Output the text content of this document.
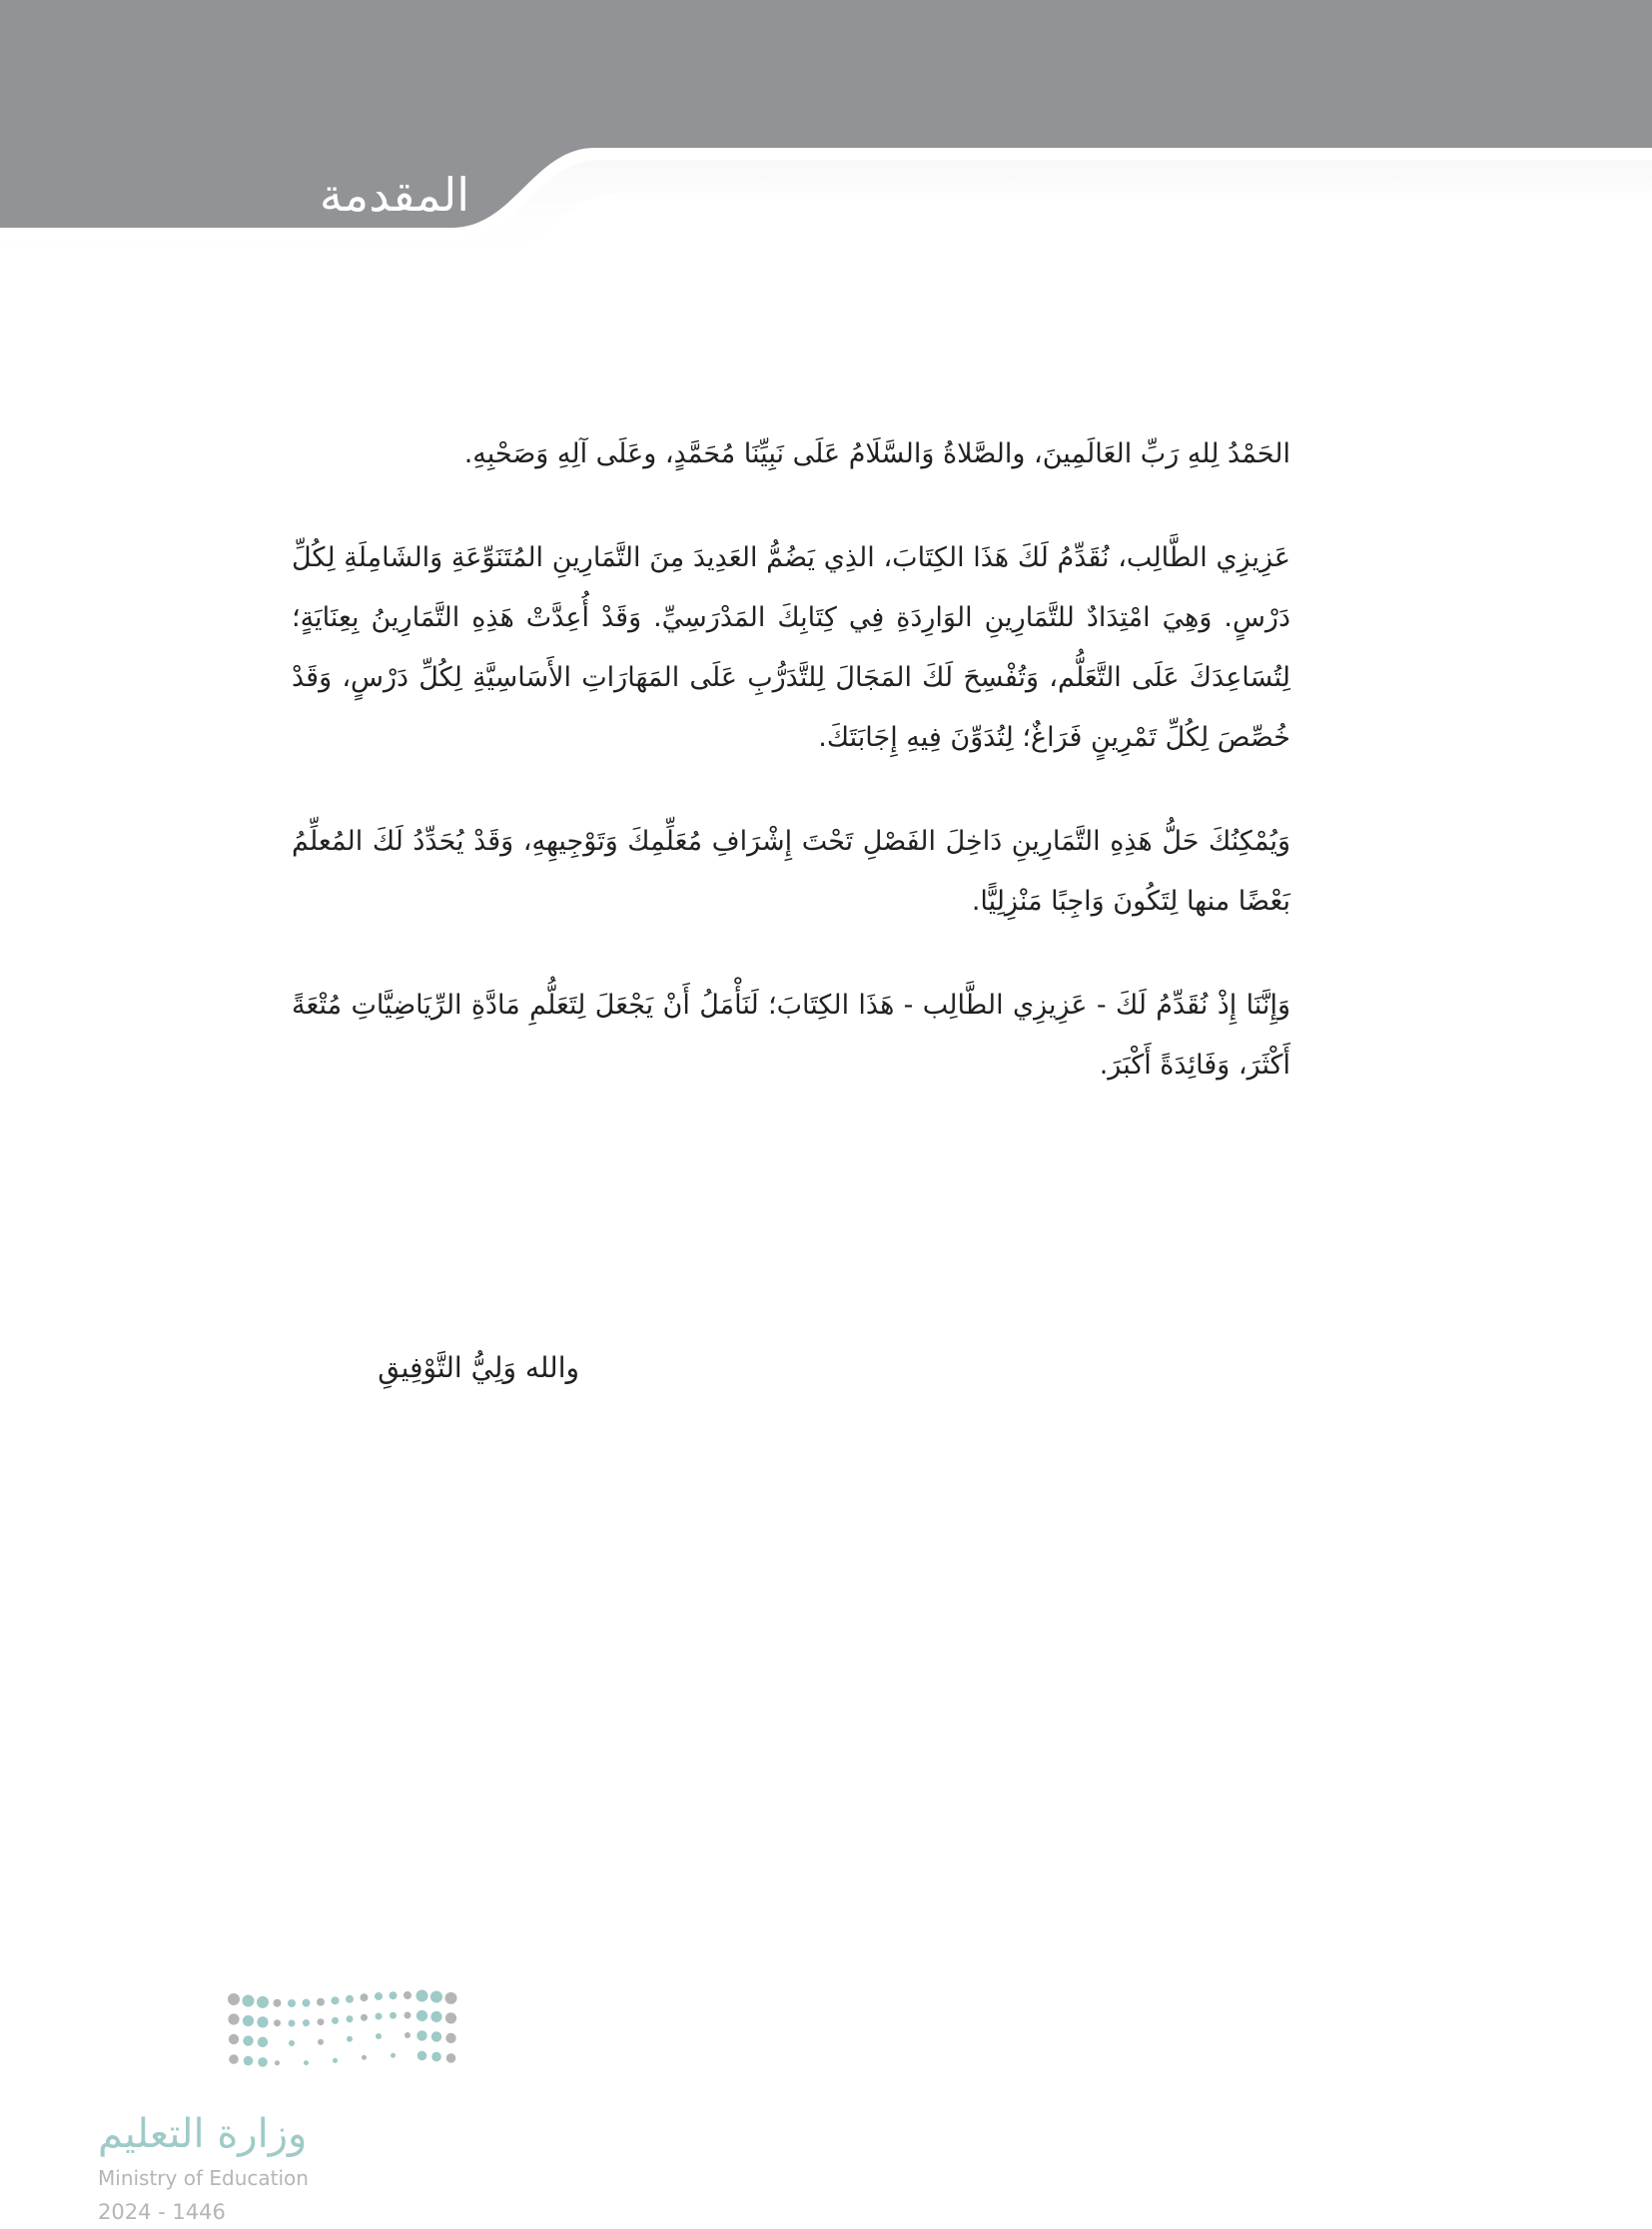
المقدمة

الحَمْدُ لِلهِ رَبِّ العَالَمِينَ، والصَّلاةُ وَالسَّلَامُ عَلَى نَبِيِّنَا مُحَمَّدٍ، وعَلَى آلِهِ وَصَحْبِهِ.

عَزِيزِي الطَّالِب، نُقَدِّمُ لَكَ هَذَا الكِتَابَ، الذِي يَضُمُّ العَدِيدَ مِنَ التَّمَارِينِ المُتَنَوِّعَةِ وَالشَامِلَةِ لِكُلِّ دَرْسٍ. وَهِيَ امْتِدَادٌ للتَّمَارِينِ الوَارِدَةِ فِي كِتَابِكَ المَدْرَسِيِّ. وَقَدْ أُعِدَّتْ هَذِهِ التَّمَارِينُ بِعِنَايَةٍ؛ لِتُسَاعِدَكَ عَلَى التَّعَلُّم، وَتُفْسِحَ لَكَ المَجَالَ لِلتَّدَرُّبِ عَلَى المَهَارَاتِ الأَسَاسِيَّةِ لِكُلِّ دَرْسٍ، وَقَدْ خُصِّصَ لِكُلِّ تَمْرِينٍ فَرَاغٌ؛ لِتُدَوِّنَ فِيهِ إِجَابَتَكَ.

وَيُمْكِنُكَ حَلُّ هَذِهِ التَّمَارِينِ دَاخِلَ الفَصْلِ تَحْتَ إِشْرَافِ مُعَلِّمِكَ وَتَوْجِيهِهِ، وَقَدْ يُحَدِّدُ لَكَ المُعلِّمُ بَعْضًا منها لِتَكُونَ وَاجِبًا مَنْزِلِيًّا.

وَإِنَّنَا إِذْ نُقَدِّمُ لَكَ - عَزِيزِي الطَّالِب - هَذَا الكِتَابَ؛ لَنَأْمَلُ أَنْ يَجْعَلَ لِتَعَلُّمِ مَادَّةِ الرِّيَاضِيَّاتِ مُتْعَةً أَكْثَرَ، وَفَائِدَةً أَكْبَرَ.

والله وَلِيُّ التَّوْفِيقِ
وزارة التعليم
Ministry of Education
2024 - 1446
